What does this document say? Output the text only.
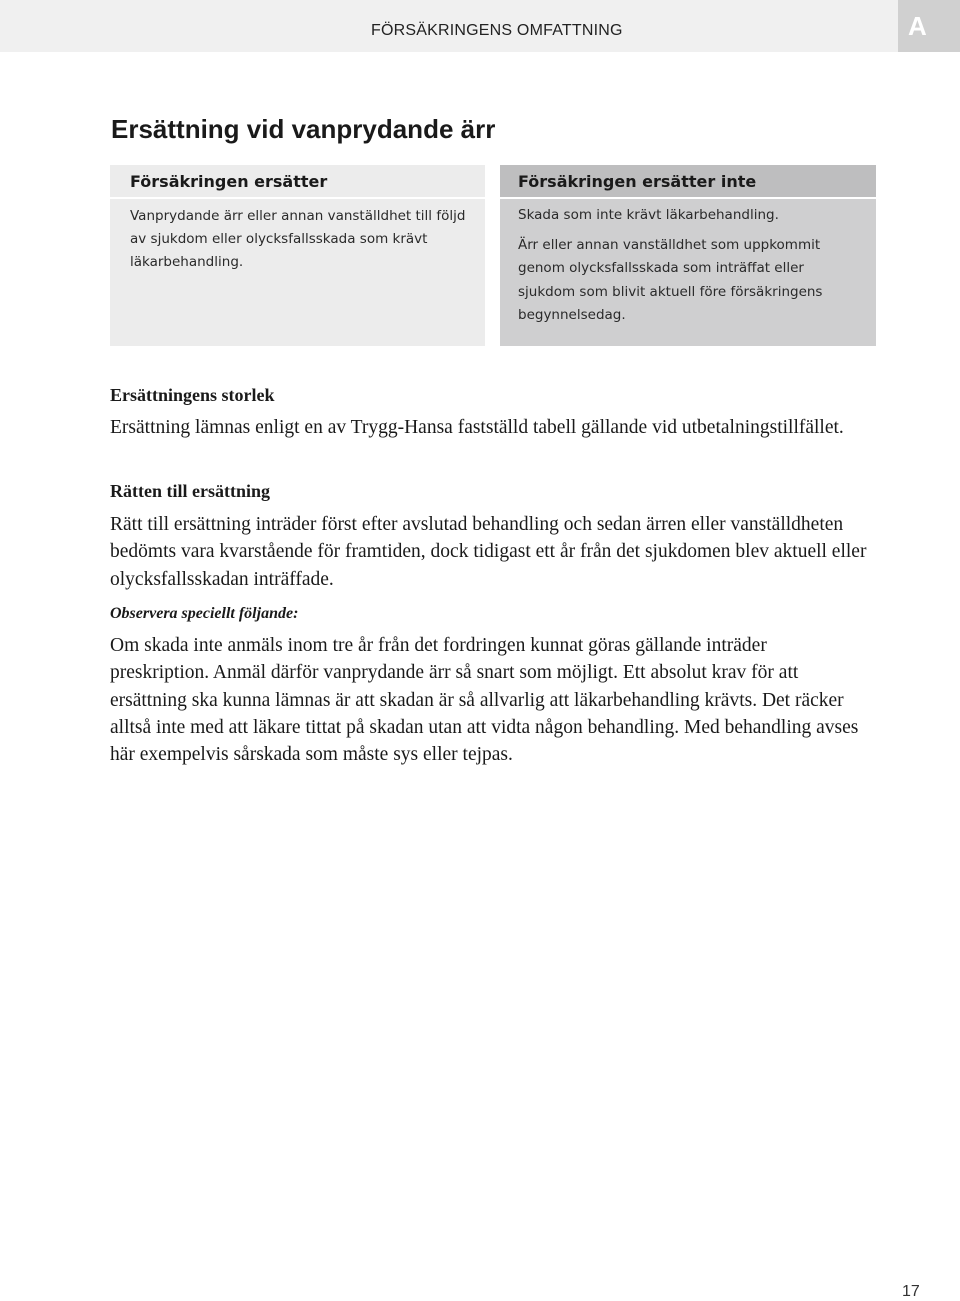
FÖRSÄKRINGENS OMFATTNING	A
Ersättning vid vanprydande ärr
Försäkringen ersätter

Vanprydande ärr eller annan vanställdhet till följd av sjukdom eller olycksfallsskada som krävt läkarbehandling.

Försäkringen ersätter inte

Skada som inte krävt läkarbehandling.

Ärr eller annan vanställdhet som uppkommit genom olycksfallsskada som inträffat eller sjukdom som blivit aktuell före försäkringens begynnelsedag.

Ersättningens storlek

Ersättning lämnas enligt en av Trygg-Hansa fastställd tabell gällande vid utbetalningstillfället.

Rätten till ersättning

Rätt till ersättning inträder först efter avslutad behandling och sedan ärren eller vanställdheten bedömts vara kvarstående för framtiden, dock tidigast ett år från det sjukdomen blev aktuell eller olycksfallsskadan inträffade.

Observera speciellt följande:

Om skada inte anmäls inom tre år från det fordringen kunnat göras gällande inträder preskription. Anmäl därför vanprydande ärr så snart som möjligt. Ett absolut krav för att ersättning ska kunna lämnas är att skadan är så allvarlig att läkarbehandling krävts. Det räcker alltså inte med att läkare tittat på skadan utan att vidta någon behandling. Med behandling avses här exempelvis sårskada som måste sys eller tejpas.

17
